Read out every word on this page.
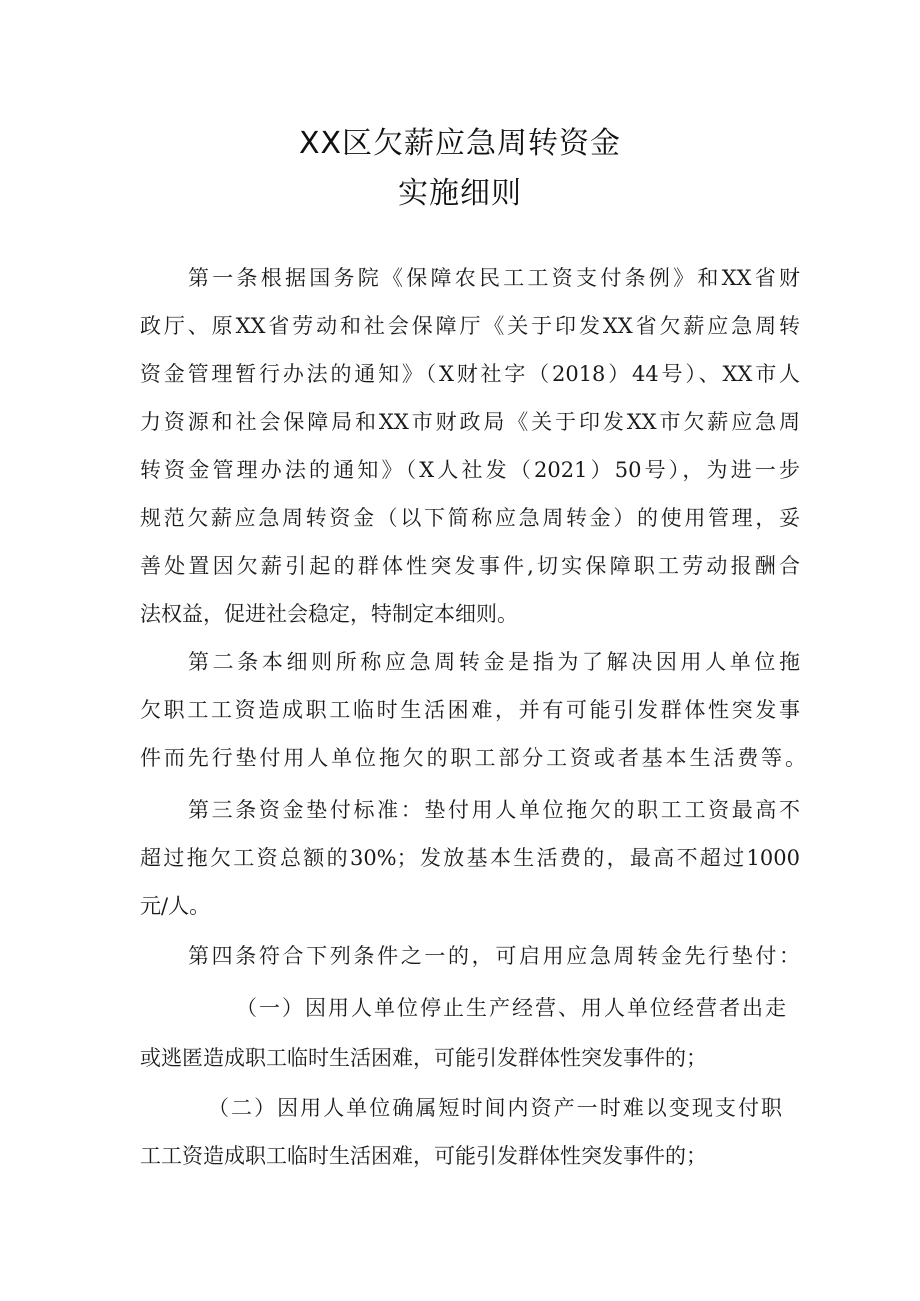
XX区欠薪应急周转资金
实施细则
第一条根据国务院《保障农民工工资支付条例》和XX省财
政厅、原XX省劳动和社会保障厅《关于印发XX省欠薪应急周转
资金管理暂行办法的通知》（X财社字（2018）44号）、XX市人
力资源和社会保障局和XX市财政局《关于印发XX市欠薪应急周
转资金管理办法的通知》（X人社发（2021）50号），为进一步
规范欠薪应急周转资金（以下简称应急周转金）的使用管理，妥
善处置因欠薪引起的群体性突发事件,切实保障职工劳动报酬合
法权益，促进社会稳定，特制定本细则。
第二条本细则所称应急周转金是指为了解决因用人单位拖
欠职工工资造成职工临时生活困难，并有可能引发群体性突发事
件而先行垫付用人单位拖欠的职工部分工资或者基本生活费等。
第三条资金垫付标准：垫付用人单位拖欠的职工工资最高不
超过拖欠工资总额的30%；发放基本生活费的，最高不超过1000
元/人。
第四条符合下列条件之一的，可启用应急周转金先行垫付：
（一）因用人单位停止生产经营、用人单位经营者出走
或逃匿造成职工临时生活困难，可能引发群体性突发事件的；
（二）因用人单位确属短时间内资产一时难以变现支付职
工工资造成职工临时生活困难，可能引发群体性突发事件的；
